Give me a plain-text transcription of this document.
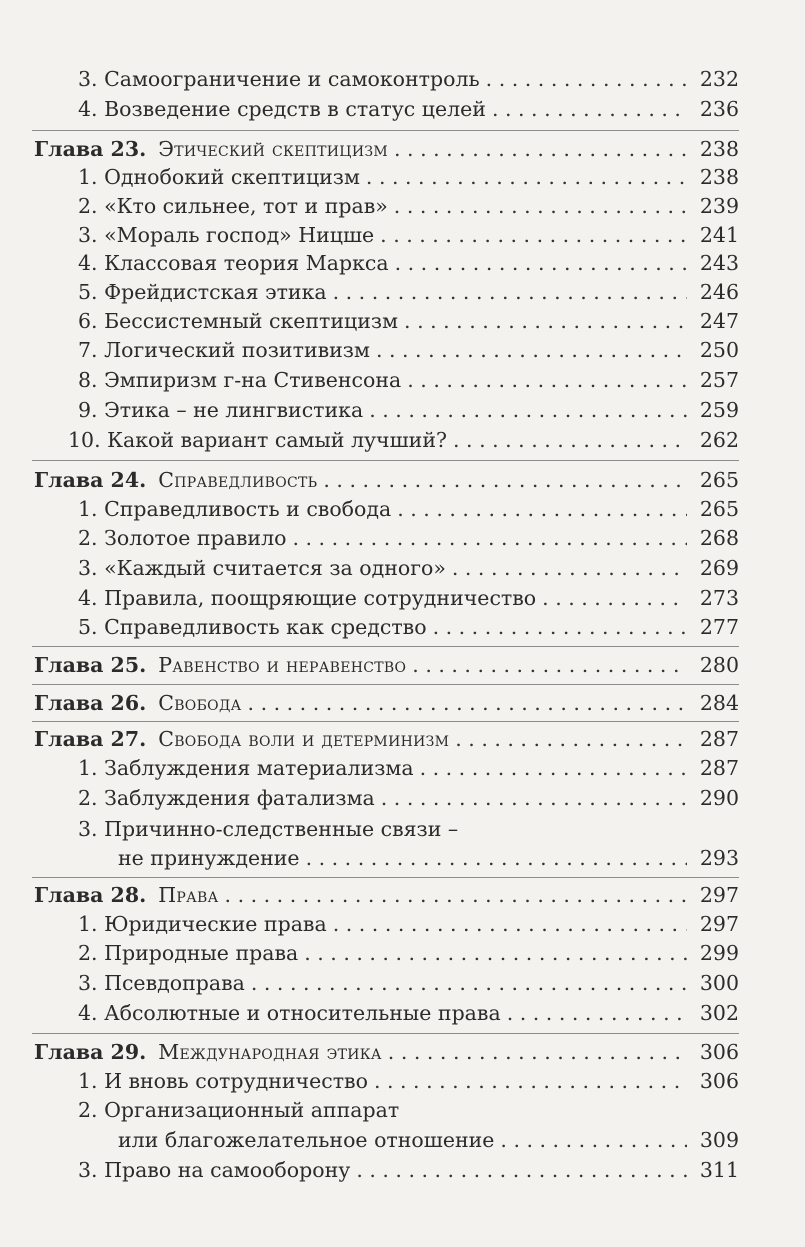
3. Самоограничение и самоконтроль . . .	232
4. Возведение средств в статус целей . . .	236
Глава 23. Этический скептицизм . . .	238
1. Однобокий скептицизм . . .	238
2. «Кто сильнее, тот и прав» . . .	239
3. «Мораль господ» Ницше . . .	241
4. Классовая теория Маркса . . .	243
5. Фрейдистская этика . . .	246
6. Бессистемный скептицизм . . .	247
7. Логический позитивизм . . .	250
8. Эмпиризм г-на Стивенсона . . .	257
9. Этика – не лингвистика . . .	259
10. Какой вариант самый лучший? . . .	262
Глава 24. Справедливость . . .	265
1. Справедливость и свобода . . .	265
2. Золотое правило . . .	268
3. «Каждый считается за одного» . . .	269
4. Правила, поощряющие сотрудничество . . .	273
5. Справедливость как средство . . .	277
Глава 25. Равенство и неравенство . . .	280
Глава 26. Свобода . . .	284
Глава 27. Свобода воли и детерминизм . . .	287
1. Заблуждения материализма . . .	287
2. Заблуждения фатализма . . .	290
3. Причинно-следственные связи –
не принуждение . . .	293
Глава 28. Права . . .	297
1. Юридические права . . .	297
2. Природные права . . .	299
3. Псевдоправа . . .	300
4. Абсолютные и относительные права . . .	302
Глава 29. Международная этика . . .	306
1. И вновь сотрудничество . . .	306
2. Организационный аппарат
или благожелательное отношение . . .	309
3. Право на самооборону . . .	311
